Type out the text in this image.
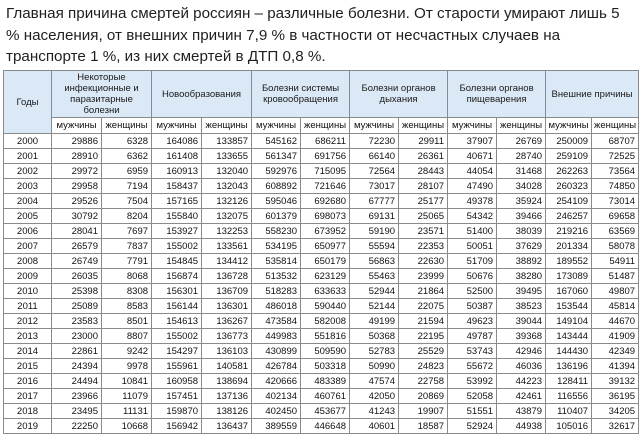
Главная причина смертей россиян – различные болезни. От старости умирают лишь 5 % населения, от внешних причин 7,9 % в частности от несчастных случаев на транспорте 1 %, из них смертей в ДТП 0,8 %.

Годы	Некоторые инфекционные и паразитарные болезни		Новообразования		Болезни системы кровообращения		Болезни органов дыхания		Болезни органов пищеварения		Внешние причины	
	мужчины	женщины	мужчины	женщины	мужчины	женщины	мужчины	женщины	мужчины	женщины	мужчины	женщины
2000	29886	6328	164086	133857	545162	686211	72230	29911	37907	26769	250009	68707
2001	28910	6362	161408	133655	561347	691756	66140	26361	40671	28740	259109	72525
2002	29972	6959	160913	132040	592976	715095	72564	28443	44054	31468	262263	73564
2003	29958	7194	158437	132043	608892	721646	73017	28107	47490	34028	260323	74850
2004	29526	7504	157165	132126	595046	692680	67777	25177	49378	35924	254109	73014
2005	30792	8204	155840	132075	601379	698073	69131	25065	54342	39466	246257	69658
2006	28041	7697	153927	132253	558230	673952	59190	23571	51400	38039	219216	63569
2007	26579	7837	155002	133561	534195	650977	55594	22353	50051	37629	201334	58078
2008	26749	7791	154845	134412	535814	650179	56863	22630	51709	38892	189552	54911
2009	26035	8068	156874	136728	513532	623129	55463	23999	50676	38280	173089	51487
2010	25398	8308	156301	136709	518283	633633	52944	21864	52500	39495	167060	49807
2011	25089	8583	156144	136301	486018	590440	52144	22075	50387	38523	153544	45814
2012	23583	8501	154613	136267	473584	582008	49199	21594	49623	39044	149104	44670
2013	23000	8807	155002	136773	449983	551816	50368	22195	49787	39368	143444	41909
2014	22861	9242	154297	136103	430899	509590	52783	25529	53743	42946	144430	42349
2015	24394	9978	155961	140581	426784	503318	50990	24823	55672	46036	136196	41394
2016	24494	10841	160958	138694	420666	483389	47574	22758	53992	44223	128411	39132
2017	23966	11079	157451	137136	402134	460761	42050	20869	52058	42461	116556	36195
2018	23495	11131	159870	138126	402450	453677	41243	19907	51551	43879	110407	34205
2019	22250	10668	156942	136437	389559	446648	40601	18587	52924	44938	105016	32617
